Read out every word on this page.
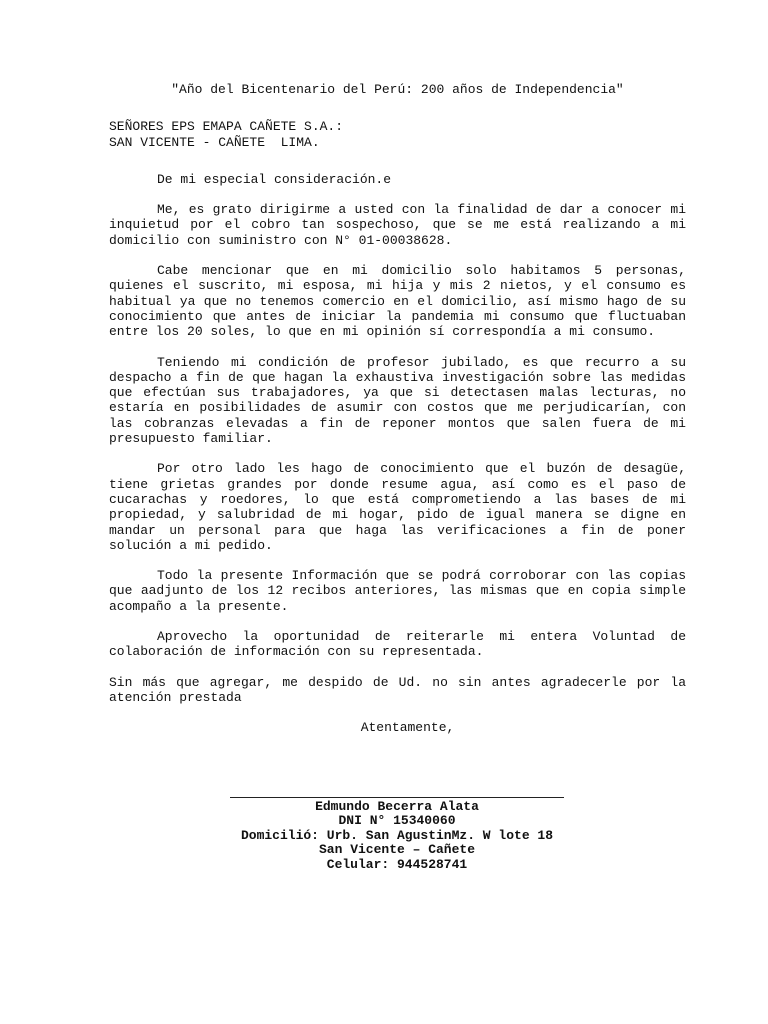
"Año del Bicentenario del Perú: 200 años de Independencia"
SEÑORES EPS EMAPA CAÑETE S.A.:
SAN VICENTE - CAÑETE  LIMA.
De mi especial consideración.e

Me, es grato dirigirme a usted con la finalidad de dar a conocer mi inquietud por el cobro tan sospechoso, que se me está realizando a mi domicilio con suministro con N° 01-00038628.

Cabe mencionar que en mi domicilio solo habitamos 5 personas, quienes el suscrito, mi esposa, mi hija y mis 2 nietos, y el consumo es habitual ya que no tenemos comercio en el domicilio, así mismo hago de su conocimiento que antes de iniciar la pandemia mi consumo que fluctuaban entre los 20 soles, lo que en mi opinión sí correspondía a mi consumo.

Teniendo mi condición de profesor jubilado, es que recurro a su despacho a fin de que hagan la exhaustiva investigación sobre las medidas que efectúan sus trabajadores, ya que si detectasen malas lecturas, no estaría en posibilidades de asumir con costos que me perjudicarían, con las cobranzas elevadas a fin de reponer montos que salen fuera de mi presupuesto familiar.

Por otro lado les hago de conocimiento que el buzón de desagüe, tiene grietas grandes por donde resume agua, así como es el paso de cucarachas y roedores, lo que está comprometiendo a las bases de mi propiedad, y salubridad de mi hogar, pido de igual manera se digne en mandar un personal para que haga las verificaciones a fin de poner solución a mi pedido.

Todo la presente Información que se podrá corroborar con las copias que aadjunto de los 12 recibos anteriores, las mismas que en copia simple acompaño a la presente.

Aprovecho la oportunidad de reiterarle mi entera Voluntad de colaboración de información con su representada.

Sin más que agregar, me despido de Ud. no sin antes agradecerle por la atención prestada

Atentamente,
Edmundo Becerra Alata
DNI N° 15340060
Domicilió: Urb. San AgustinMz. W lote 18
San Vicente – Cañete
Celular: 944528741
